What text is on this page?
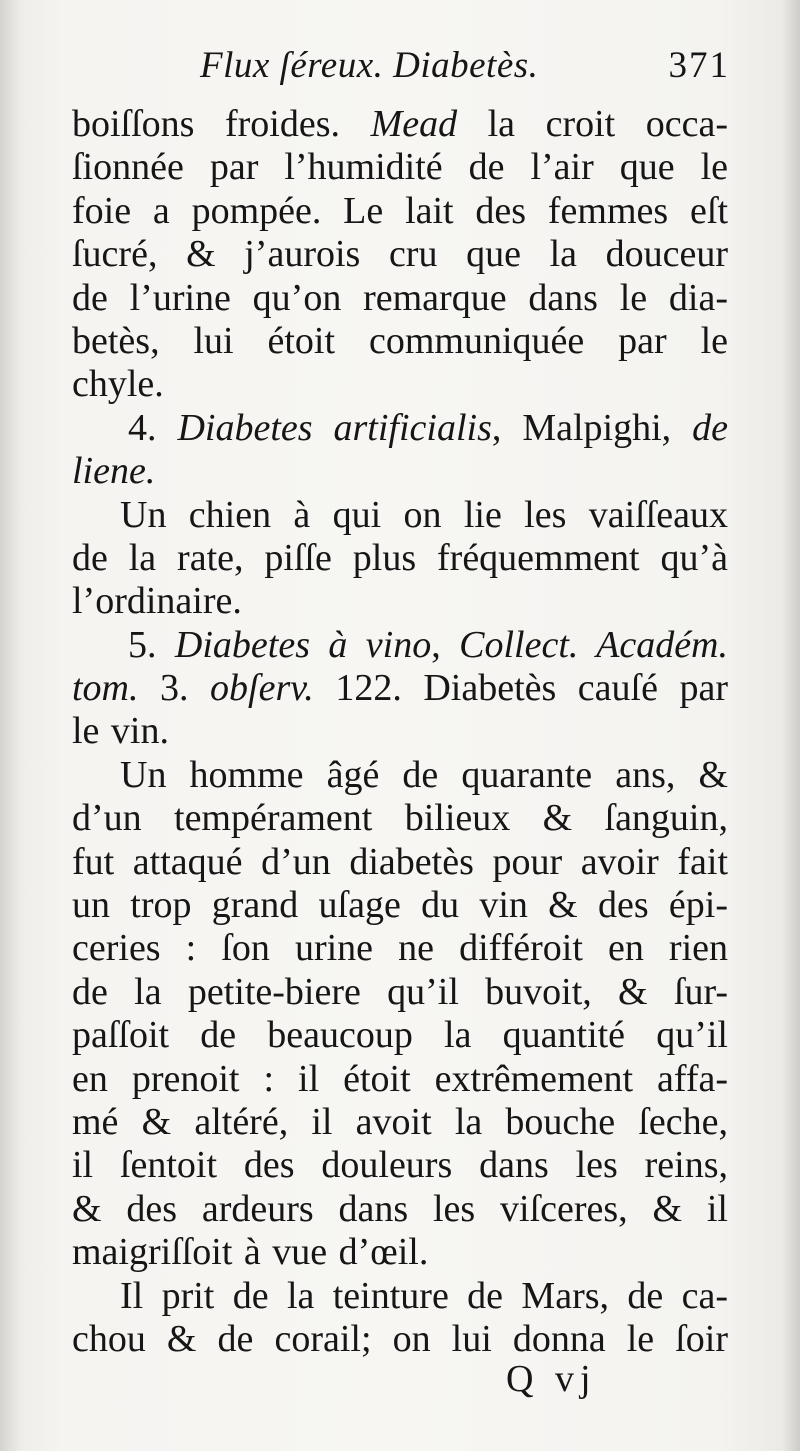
Flux ſéreux. Diabetès.	371
boiſſons froides. Mead la croit occa-
ſionnée par l’humidité de l’air que le
foie a pompée. Le lait des femmes eſt
ſucré, & j’aurois cru que la douceur
de l’urine qu’on remarque dans le dia-
betès, lui étoit communiquée par le
chyle.
4. Diabetes artificialis, Malpighi, de
liene.
Un chien à qui on lie les vaiſſeaux
de la rate, piſſe plus fréquemment qu’à
l’ordinaire.
5. Diabetes à vino, Collect. Académ.
tom. 3. obſerv. 122. Diabetès cauſé par
le vin.
Un homme âgé de quarante ans, &
d’un tempérament bilieux & ſanguin,
fut attaqué d’un diabetès pour avoir fait
un trop grand uſage du vin & des épi-
ceries : ſon urine ne différoit en rien
de la petite-biere qu’il buvoit, & ſur-
paſſoit de beaucoup la quantité qu’il
en prenoit : il étoit extrêmement affa-
mé & altéré, il avoit la bouche ſeche,
il ſentoit des douleurs dans les reins,
& des ardeurs dans les viſceres, & il
maigriſſoit à vue d’œil.
Il prit de la teinture de Mars, de ca-
chou & de corail; on lui donna le ſoir
Q vj
